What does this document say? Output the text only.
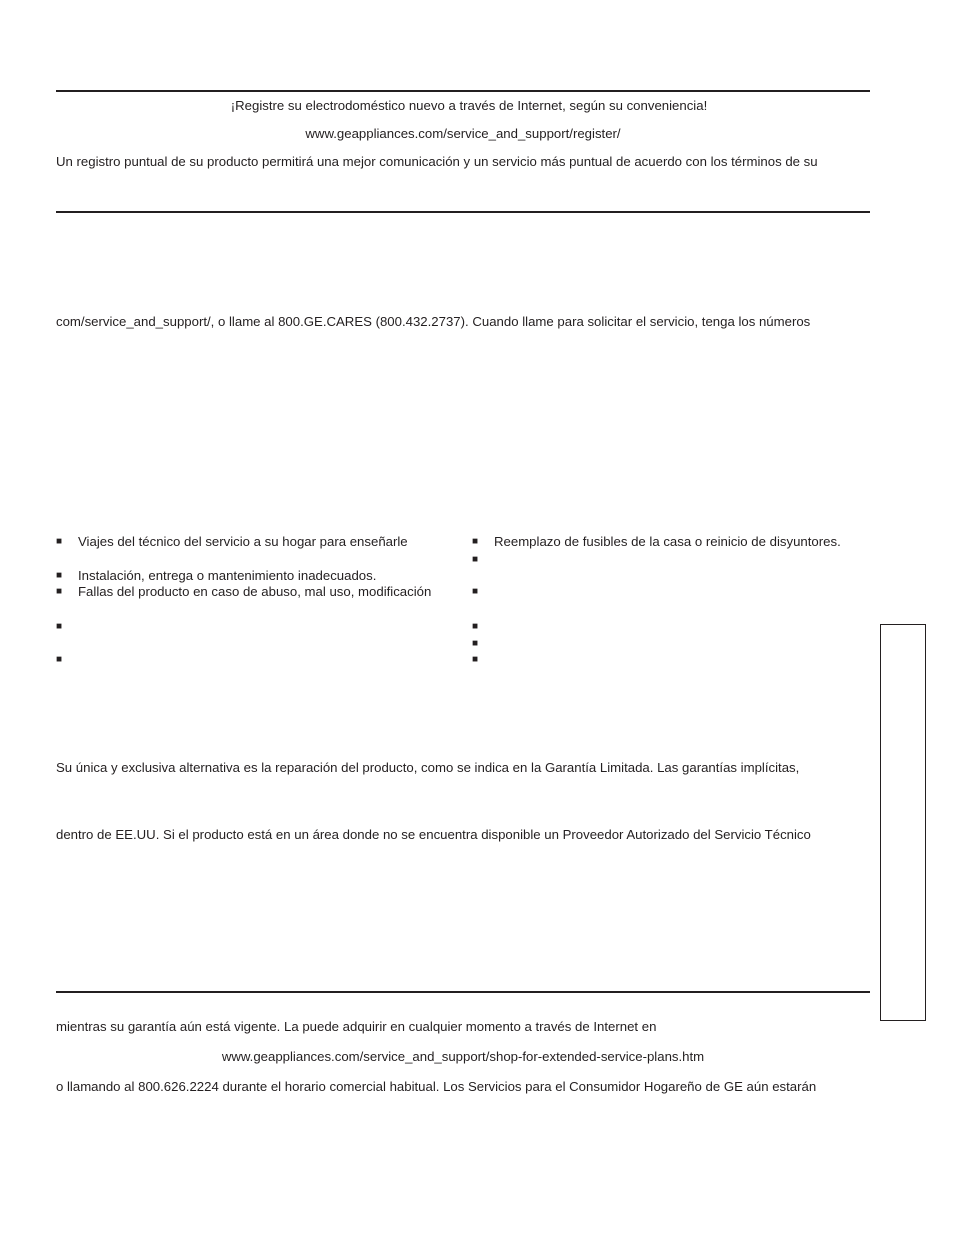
¡Registre su electrodoméstico nuevo a través de Internet, según su conveniencia!
www.geappliances.com/service_and_support/register/
Un registro puntual de su producto permitirá una mejor comunicación y un servicio más puntual de acuerdo con los términos de su
com/service_and_support/, o llame al 800.GE.CARES (800.432.2737). Cuando llame para solicitar el servicio, tenga los números
■ Viajes del técnico del servicio a su hogar para enseñarle
■ Instalación, entrega o mantenimiento inadecuados.
■ Fallas del producto en caso de abuso, mal uso, modificación
■
■
■ Reemplazo de fusibles de la casa o reinicio de disyuntores.
■
■
■
■
■
Su única y exclusiva alternativa es la reparación del producto, como se indica en la Garantía Limitada. Las garantías implícitas,
dentro de EE.UU. Si el producto está en un área donde no se encuentra disponible un Proveedor Autorizado del Servicio Técnico
mientras su garantía aún está vigente. La puede adquirir en cualquier momento a través de Internet en
www.geappliances.com/service_and_support/shop-for-extended-service-plans.htm
o llamando al 800.626.2224 durante el horario comercial habitual. Los Servicios para el Consumidor Hogareño de GE aún estarán
